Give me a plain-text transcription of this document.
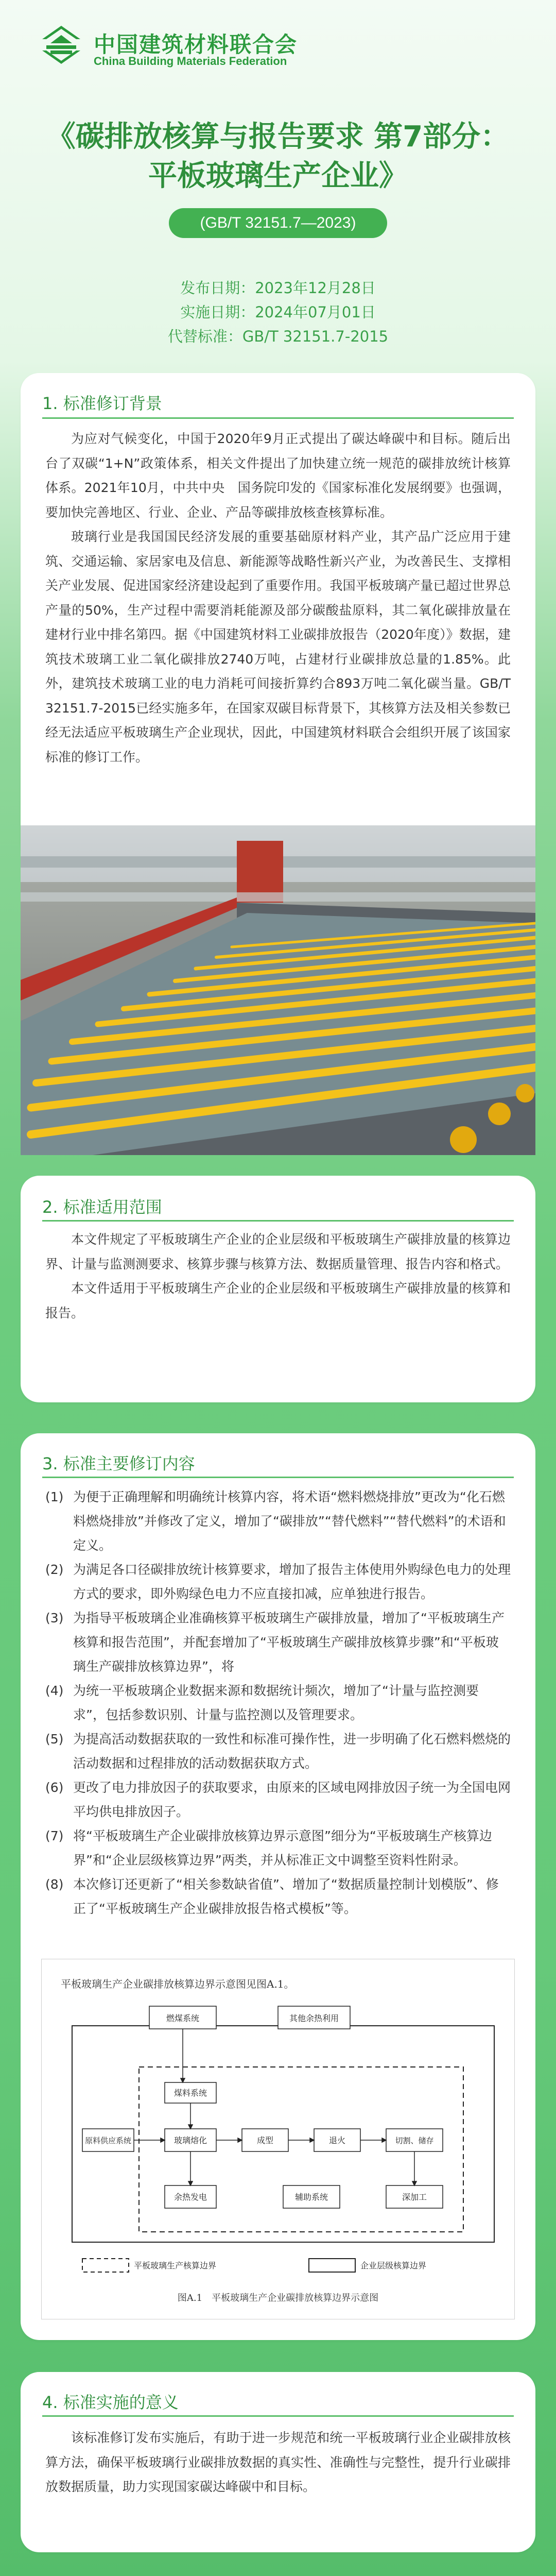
中国建筑材料联合会
China Building Materials Federation
《碳排放核算与报告要求 第7部分：
平板玻璃生产企业》
(GB/T 32151.7—2023)
发布日期：2023年12月28日
实施日期：2024年07月01日
代替标准：GB/T 32151.7-2015
1. 标准修订背景

为应对气候变化，中国于2020年9月正式提出了碳达峰碳中和目标。随后出台了双碳“1+N”政策体系，相关文件提出了加快建立统一规范的碳排放统计核算体系。2021年10月，中共中央　国务院印发的《国家标准化发展纲要》也强调，要加快完善地区、行业、企业、产品等碳排放核查核算标准。

玻璃行业是我国国民经济发展的重要基础原材料产业，其产品广泛应用于建筑、交通运输、家居家电及信息、新能源等战略性新兴产业，为改善民生、支撑相关产业发展、促进国家经济建设起到了重要作用。我国平板玻璃产量已超过世界总产量的50%，生产过程中需要消耗能源及部分碳酸盐原料，其二氧化碳排放量在建材行业中排名第四。据《中国建筑材料工业碳排放报告（2020年度）》数据，建筑技术玻璃工业二氧化碳排放2740万吨，占建材行业碳排放总量的1.85%。此外，建筑技术玻璃工业的电力消耗可间接折算约合893万吨二氧化碳当量。GB/T 32151.7-2015已经实施多年，在国家双碳目标背景下，其核算方法及相关参数已经无法适应平板玻璃生产企业现状，因此，中国建筑材料联合会组织开展了该国家标准的修订工作。

2. 标准适用范围

本文件规定了平板玻璃生产企业的企业层级和平板玻璃生产碳排放量的核算边界、计量与监测测要求、核算步骤与核算方法、数据质量管理、报告内容和格式。

本文件适用于平板玻璃生产企业的企业层级和平板玻璃生产碳排放量的核算和报告。

3. 标准主要修订内容
(1) 为便于正确理解和明确统计核算内容，将术语“燃料燃烧排放”更改为“化石燃料燃烧排放”并修改了定义，增加了“碳排放”“替代燃料”“替代燃料”的术语和定义。
(2) 为满足各口径碳排放统计核算要求，增加了报告主体使用外购绿色电力的处理方式的要求，即外购绿色电力不应直接扣减，应单独进行报告。
(3) 为指导平板玻璃企业准确核算平板玻璃生产碳排放量，增加了“平板玻璃生产核算和报告范围”，并配套增加了“平板玻璃生产碳排放核算步骤”和“平板玻璃生产碳排放核算边界”，将
(4) 为统一平板玻璃企业数据来源和数据统计频次，增加了“计量与监控测要求”，包括参数识别、计量与监控测以及管理要求。
(5) 为提高活动数据获取的一致性和标准可操作性，进一步明确了化石燃料燃烧的活动数据和过程排放的活动数据获取方式。
(6) 更改了电力排放因子的获取要求，由原来的区域电网排放因子统一为全国电网平均供电排放因子。
(7) 将“平板玻璃生产企业碳排放核算边界示意图”细分为“平板玻璃生产核算边界”和“企业层级核算边界”两类，并从标准正文中调整至资料性附录。
(8) 本次修订还更新了“相关参数缺省值”、增加了“数据质量控制计划模版”、修正了“平板玻璃生产企业碳排放报告格式模板”等。
平板玻璃生产企业碳排放核算边界示意图见图A.1。
燃煤系统	其他余热利用
煤料系统
原料供应系统	玻璃熔化	成型	退火	切割、储存
余热发电	辅助系统	深加工
平板玻璃生产核算边界	企业层级核算边界
图A.1　平板玻璃生产企业碳排放核算边界示意图
4. 标准实施的意义

该标准修订发布实施后，有助于进一步规范和统一平板玻璃行业企业碳排放核算方法，确保平板玻璃行业碳排放数据的真实性、准确性与完整性，提升行业碳排放数据质量，助力实现国家碳达峰碳中和目标。
